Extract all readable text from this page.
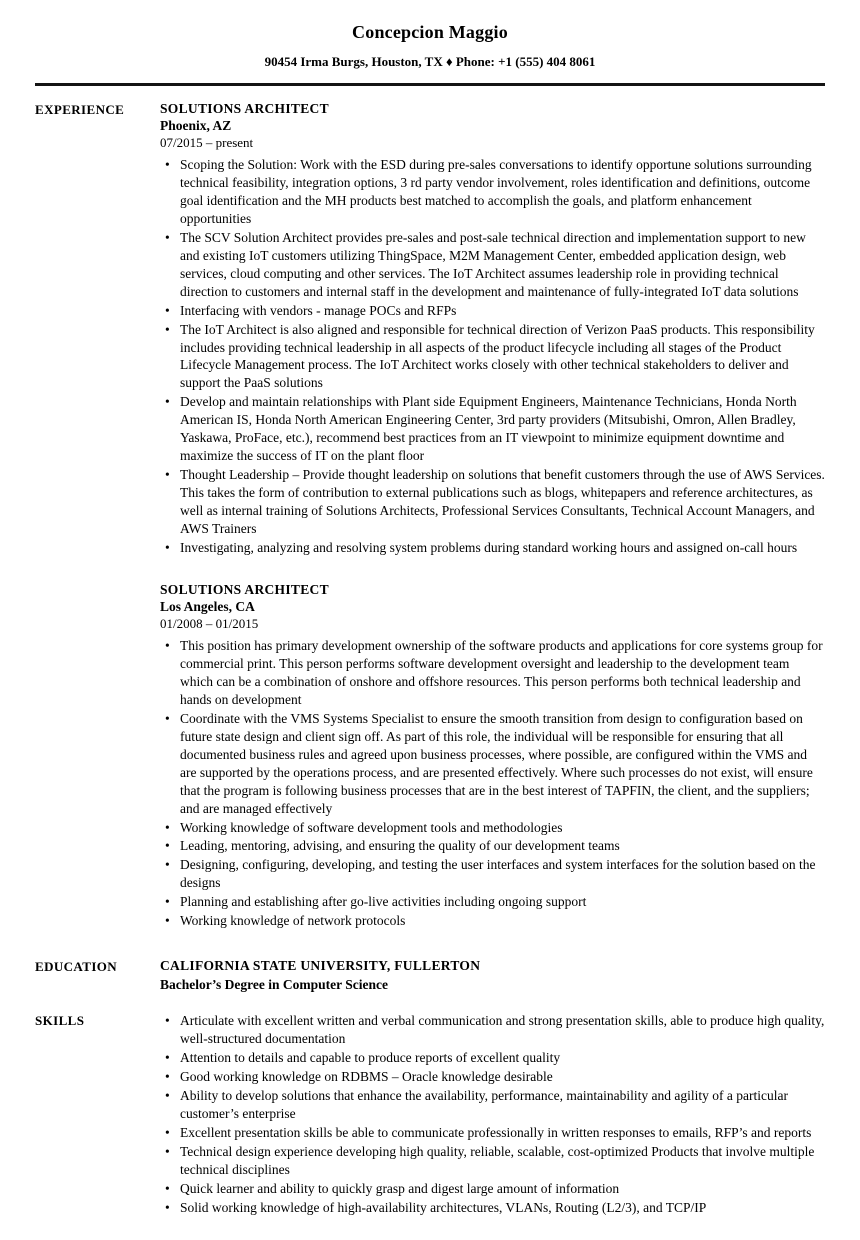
Concepcion Maggio
90454 Irma Burgs, Houston, TX ♦ Phone: +1 (555) 404 8061
EXPERIENCE	SOLUTIONS ARCHITECT
Phoenix, AZ
07/2015 – present
• Scoping the Solution: Work with the ESD during pre-sales conversations to identify opportune solutions surrounding technical feasibility, integration options, 3 rd party vendor involvement, roles identification and definitions, outcome goal identification and the MH products best matched to accomplish the goals, and platform enhancement opportunities
• The SCV Solution Architect provides pre-sales and post-sale technical direction and implementation support to new and existing IoT customers utilizing ThingSpace, M2M Management Center, embedded application design, web services, cloud computing and other services. The IoT Architect assumes leadership role in providing technical direction to customers and internal staff in the development and maintenance of fully-integrated IoT data solutions
• Interfacing with vendors - manage POCs and RFPs
• The IoT Architect is also aligned and responsible for technical direction of Verizon PaaS products. This responsibility includes providing technical leadership in all aspects of the product lifecycle including all stages of the Product Lifecycle Management process. The IoT Architect works closely with other technical stakeholders to deliver and support the PaaS solutions
• Develop and maintain relationships with Plant side Equipment Engineers, Maintenance Technicians, Honda North American IS, Honda North American Engineering Center, 3rd party providers (Mitsubishi, Omron, Allen Bradley, Yaskawa, ProFace, etc.), recommend best practices from an IT viewpoint to minimize equipment downtime and maximize the success of IT on the plant floor
• Thought Leadership – Provide thought leadership on solutions that benefit customers through the use of AWS Services. This takes the form of contribution to external publications such as blogs, whitepapers and reference architectures, as well as internal training of Solutions Architects, Professional Services Consultants, Technical Account Managers, and AWS Trainers
• Investigating, analyzing and resolving system problems during standard working hours and assigned on-call hours
SOLUTIONS ARCHITECT
Los Angeles, CA
01/2008 – 01/2015
• This position has primary development ownership of the software products and applications for core systems group for commercial print. This person performs software development oversight and leadership to the development team which can be a combination of onshore and offshore resources. This person performs both technical leadership and hands on development
• Coordinate with the VMS Systems Specialist to ensure the smooth transition from design to configuration based on future state design and client sign off. As part of this role, the individual will be responsible for ensuring that all documented business rules and agreed upon business processes, where possible, are configured within the VMS and are supported by the operations process, and are presented effectively. Where such processes do not exist, will ensure that the program is following business processes that are in the best interest of TAPFIN, the client, and the suppliers; and are managed effectively
• Working knowledge of software development tools and methodologies
• Leading, mentoring, advising, and ensuring the quality of our development teams
• Designing, configuring, developing, and testing the user interfaces and system interfaces for the solution based on the designs
• Planning and establishing after go-live activities including ongoing support
• Working knowledge of network protocols
EDUCATION	CALIFORNIA STATE UNIVERSITY, FULLERTON
Bachelor’s Degree in Computer Science
SKILLS	• Articulate with excellent written and verbal communication and strong presentation skills, able to produce high quality, well-structured documentation
• Attention to details and capable to produce reports of excellent quality
• Good working knowledge on RDBMS – Oracle knowledge desirable
• Ability to develop solutions that enhance the availability, performance, maintainability and agility of a particular customer’s enterprise
• Excellent presentation skills be able to communicate professionally in written responses to emails, RFP’s and reports
• Technical design experience developing high quality, reliable, scalable, cost-optimized Products that involve multiple technical disciplines
• Quick learner and ability to quickly grasp and digest large amount of information
• Solid working knowledge of high-availability architectures, VLANs, Routing (L2/3), and TCP/IP
